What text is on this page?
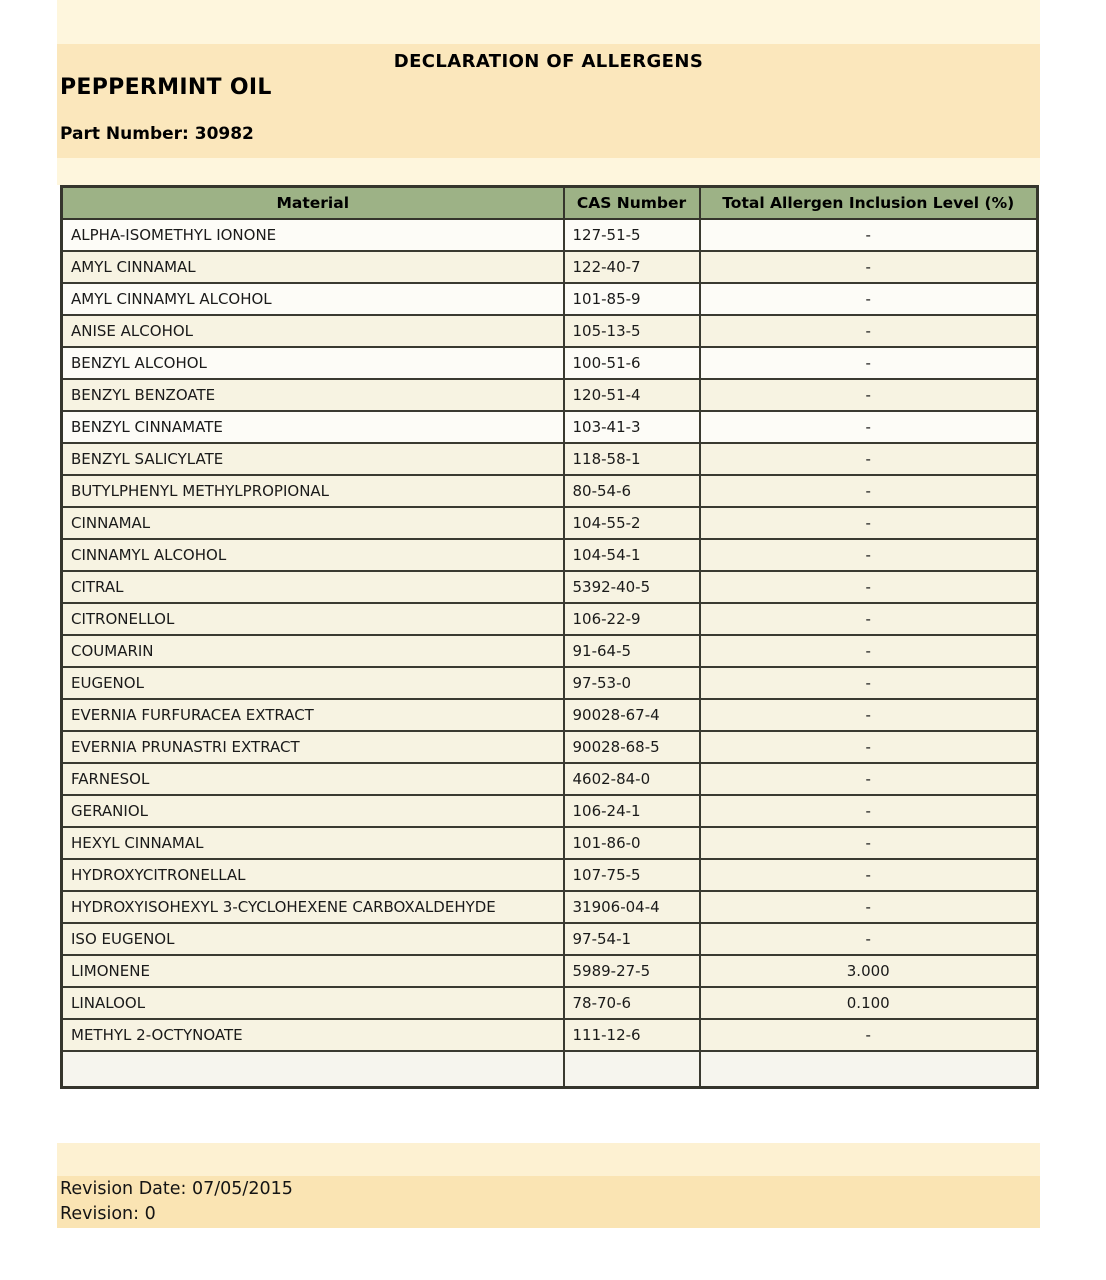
DECLARATION OF ALLERGENS
PEPPERMINT OIL
Part Number: 30982
Material	CAS Number	Total Allergen Inclusion Level (%)
ALPHA-ISOMETHYL IONONE	127-51-5	-
AMYL CINNAMAL	122-40-7	-
AMYL CINNAMYL ALCOHOL	101-85-9	-
ANISE ALCOHOL	105-13-5	-
BENZYL ALCOHOL	100-51-6	-
BENZYL BENZOATE	120-51-4	-
BENZYL CINNAMATE	103-41-3	-
BENZYL SALICYLATE	118-58-1	-
BUTYLPHENYL METHYLPROPIONAL	80-54-6	-
CINNAMAL	104-55-2	-
CINNAMYL ALCOHOL	104-54-1	-
CITRAL	5392-40-5	-
CITRONELLOL	106-22-9	-
COUMARIN	91-64-5	-
EUGENOL	97-53-0	-
EVERNIA FURFURACEA EXTRACT	90028-67-4	-
EVERNIA PRUNASTRI EXTRACT	90028-68-5	-
FARNESOL	4602-84-0	-
GERANIOL	106-24-1	-
HEXYL CINNAMAL	101-86-0	-
HYDROXYCITRONELLAL	107-75-5	-
HYDROXYISOHEXYL 3-CYCLOHEXENE CARBOXALDEHYDE	31906-04-4	-
ISO EUGENOL	97-54-1	-
LIMONENE	5989-27-5	3.000
LINALOOL	78-70-6	0.100
METHYL 2-OCTYNOATE	111-12-6	-

Revision Date: 07/05/2015
Revision: 0
